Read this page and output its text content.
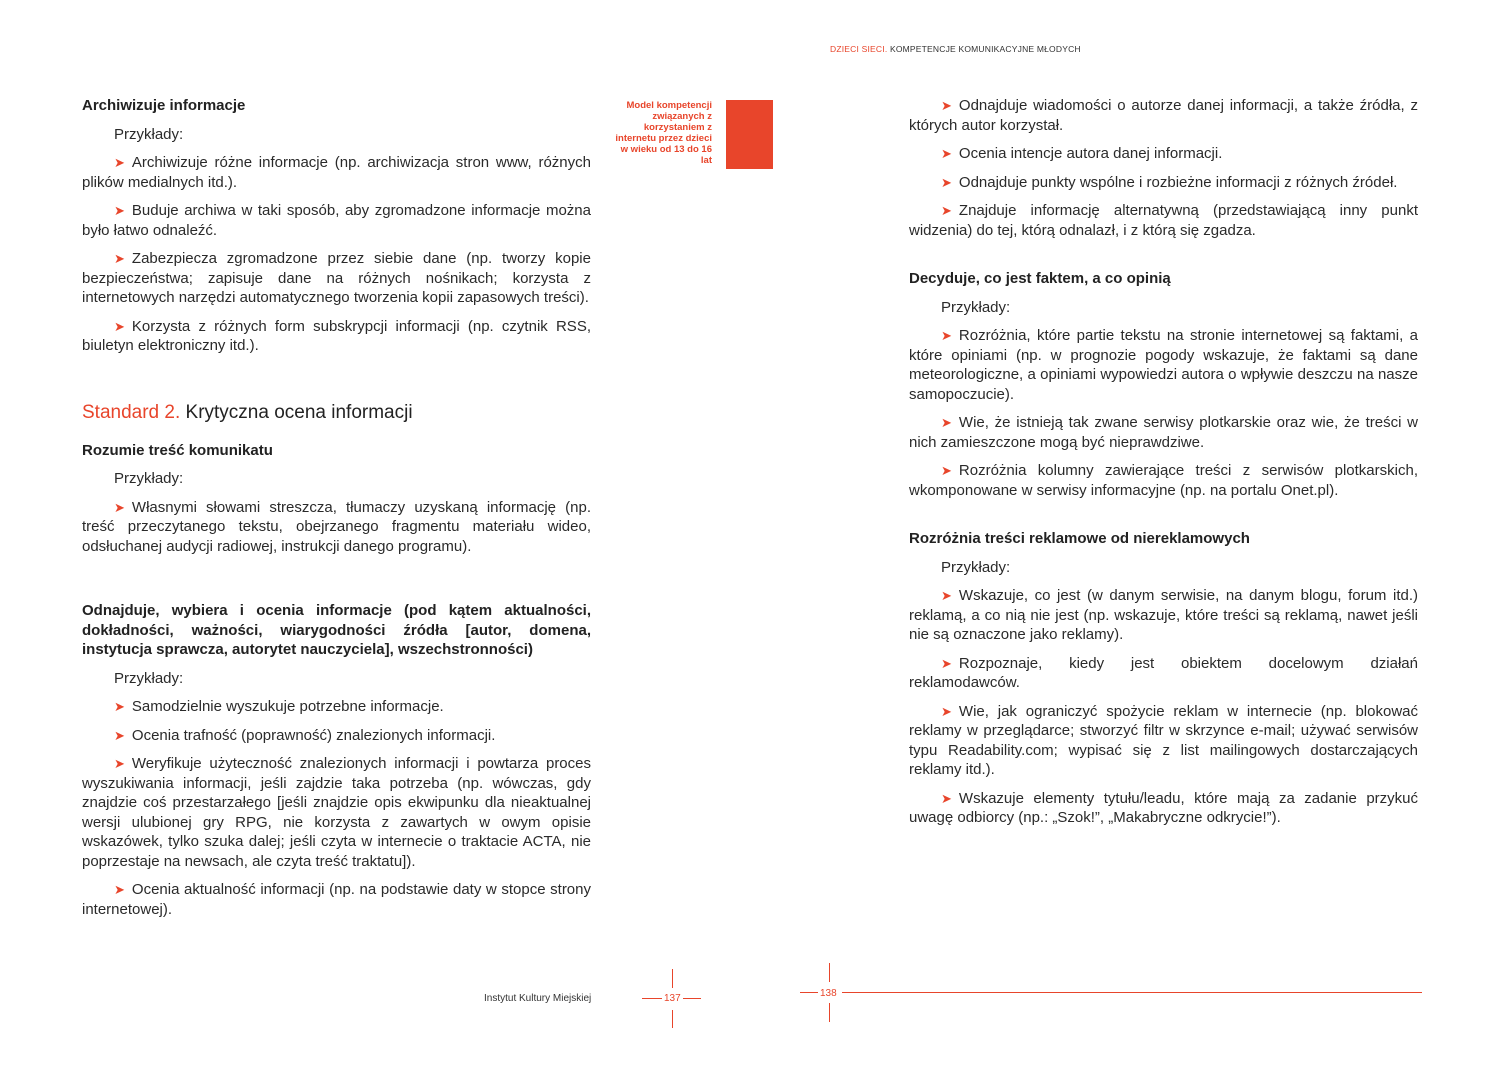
DZIECI SIECI. KOMPETENCJE KOMUNIKACYJNE MŁODYCH
Model kompetencji związanych z korzystaniem z internetu przez dzieci w wieku od 13 do 16 lat

Archiwizuje informacje

Przykłady:

➤ Archiwizuje różne informacje (np. archiwizacja stron www, różnych plików medialnych itd.).

➤ Buduje archiwa w taki sposób, aby zgromadzone informacje można było łatwo odnaleźć.

➤ Zabezpiecza zgromadzone przez siebie dane (np. tworzy kopie bezpieczeństwa; zapisuje dane na różnych nośnikach; korzysta z internetowych narzędzi automatycznego tworzenia kopii zapasowych treści).

➤ Korzysta z różnych form subskrypcji informacji (np. czytnik RSS, biuletyn elektroniczny itd.).

Standard 2. Krytyczna ocena informacji

Rozumie treść komunikatu

Przykłady:

➤ Własnymi słowami streszcza, tłumaczy uzyskaną informację (np. treść przeczytanego tekstu, obejrzanego fragmentu materiału wideo, odsłuchanej audycji radiowej, instrukcji danego programu).

Odnajduje, wybiera i ocenia informacje (pod kątem aktualności, dokładności, ważności, wiarygodności źródła [autor, domena, instytucja sprawcza, autorytet nauczyciela], wszechstronności)

Przykłady:

➤ Samodzielnie wyszukuje potrzebne informacje.

➤ Ocenia trafność (poprawność) znalezionych informacji.

➤ Weryfikuje użyteczność znalezionych informacji i powtarza proces wyszukiwania informacji, jeśli zajdzie taka potrzeba (np. wówczas, gdy znajdzie coś przestarzałego [jeśli znajdzie opis ekwipunku dla nieaktualnej wersji ulubionej gry RPG, nie korzysta z zawartych w owym opisie wskazówek, tylko szuka dalej; jeśli czyta w internecie o traktacie ACTA, nie poprzestaje na newsach, ale czyta treść traktatu]).

➤ Ocenia aktualność informacji (np. na podstawie daty w stopce strony internetowej).

➤ Odnajduje wiadomości o autorze danej informacji, a także źródła, z których autor korzystał.

➤ Ocenia intencje autora danej informacji.

➤ Odnajduje punkty wspólne i rozbieżne informacji z różnych źródeł.

➤ Znajduje informację alternatywną (przedstawiającą inny punkt widzenia) do tej, którą odnalazł, i z którą się zgadza.

Decyduje, co jest faktem, a co opinią

Przykłady:

➤ Rozróżnia, które partie tekstu na stronie internetowej są faktami, a które opiniami (np. w prognozie pogody wskazuje, że faktami są dane meteorologiczne, a opiniami wypowiedzi autora o wpływie deszczu na nasze samopoczucie).

➤ Wie, że istnieją tak zwane serwisy plotkarskie oraz wie, że treści w nich zamieszczone mogą być nieprawdziwe.

➤ Rozróżnia kolumny zawierające treści z serwisów plotkarskich, wkomponowane w serwisy informacyjne (np. na portalu Onet.pl).

Rozróżnia treści reklamowe od niereklamowych

Przykłady:

➤ Wskazuje, co jest (w danym serwisie, na danym blogu, forum itd.) reklamą, a co nią nie jest (np. wskazuje, które treści są reklamą, nawet jeśli nie są oznaczone jako reklamy).

➤ Rozpoznaje, kiedy jest obiektem docelowym działań reklamodawców.

➤ Wie, jak ograniczyć spożycie reklam w internecie (np. blokować reklamy w przeglądarce; stworzyć filtr w skrzynce e-mail; używać serwisów typu Readability.com; wypisać się z list mailingowych dostarczających reklamy itd.).

➤ Wskazuje elementy tytułu/leadu, które mają za zadanie przykuć uwagę odbiorcy (np.: „Szok!”, „Makabryczne odkrycie!”).

Instytut Kultury Miejskiej	137	138
